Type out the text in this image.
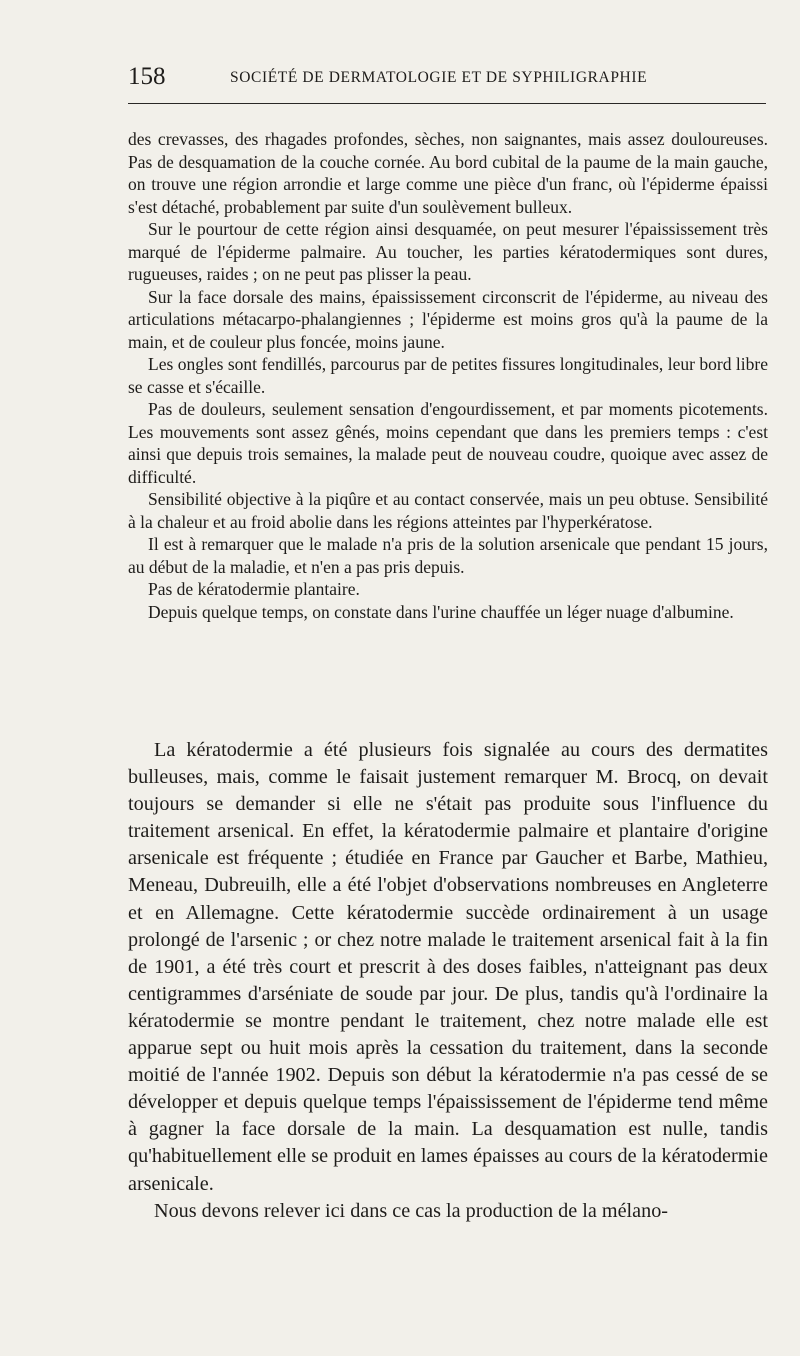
158	SOCIÉTÉ DE DERMATOLOGIE ET DE SYPHILIGRAPHIE

des crevasses, des rhagades profondes, sèches, non saignantes, mais assez douloureuses. Pas de desquamation de la couche cornée. Au bord cubital de la paume de la main gauche, on trouve une région arrondie et large comme une pièce d'un franc, où l'épiderme épaissi s'est détaché, probablement par suite d'un soulèvement bulleux.

Sur le pourtour de cette région ainsi desquamée, on peut mesurer l'épaississement très marqué de l'épiderme palmaire. Au toucher, les parties kératodermiques sont dures, rugueuses, raides ; on ne peut pas plisser la peau.

Sur la face dorsale des mains, épaississement circonscrit de l'épiderme, au niveau des articulations métacarpo-phalangiennes ; l'épiderme est moins gros qu'à la paume de la main, et de couleur plus foncée, moins jaune.

Les ongles sont fendillés, parcourus par de petites fissures longitudinales, leur bord libre se casse et s'écaille.

Pas de douleurs, seulement sensation d'engourdissement, et par moments picotements. Les mouvements sont assez gênés, moins cependant que dans les premiers temps : c'est ainsi que depuis trois semaines, la malade peut de nouveau coudre, quoique avec assez de difficulté.

Sensibilité objective à la piqûre et au contact conservée, mais un peu obtuse. Sensibilité à la chaleur et au froid abolie dans les régions atteintes par l'hyperkératose.

Il est à remarquer que le malade n'a pris de la solution arsenicale que pendant 15 jours, au début de la maladie, et n'en a pas pris depuis.

Pas de kératodermie plantaire.

Depuis quelque temps, on constate dans l'urine chauffée un léger nuage d'albumine.

La kératodermie a été plusieurs fois signalée au cours des dermatites bulleuses, mais, comme le faisait justement remarquer M. Brocq, on devait toujours se demander si elle ne s'était pas produite sous l'influence du traitement arsenical. En effet, la kératodermie palmaire et plantaire d'origine arsenicale est fréquente ; étudiée en France par Gaucher et Barbe, Mathieu, Meneau, Dubreuilh, elle a été l'objet d'observations nombreuses en Angleterre et en Allemagne. Cette kératodermie succède ordinairement à un usage prolongé de l'arsenic ; or chez notre malade le traitement arsenical fait à la fin de 1901, a été très court et prescrit à des doses faibles, n'atteignant pas deux centigrammes d'arséniate de soude par jour. De plus, tandis qu'à l'ordinaire la kératodermie se montre pendant le traitement, chez notre malade elle est apparue sept ou huit mois après la cessation du traitement, dans la seconde moitié de l'année 1902. Depuis son début la kératodermie n'a pas cessé de se développer et depuis quelque temps l'épaississement de l'épiderme tend même à gagner la face dorsale de la main. La desquamation est nulle, tandis qu'habituellement elle se produit en lames épaisses au cours de la kératodermie arsenicale.

Nous devons relever ici dans ce cas la production de la mélano-
